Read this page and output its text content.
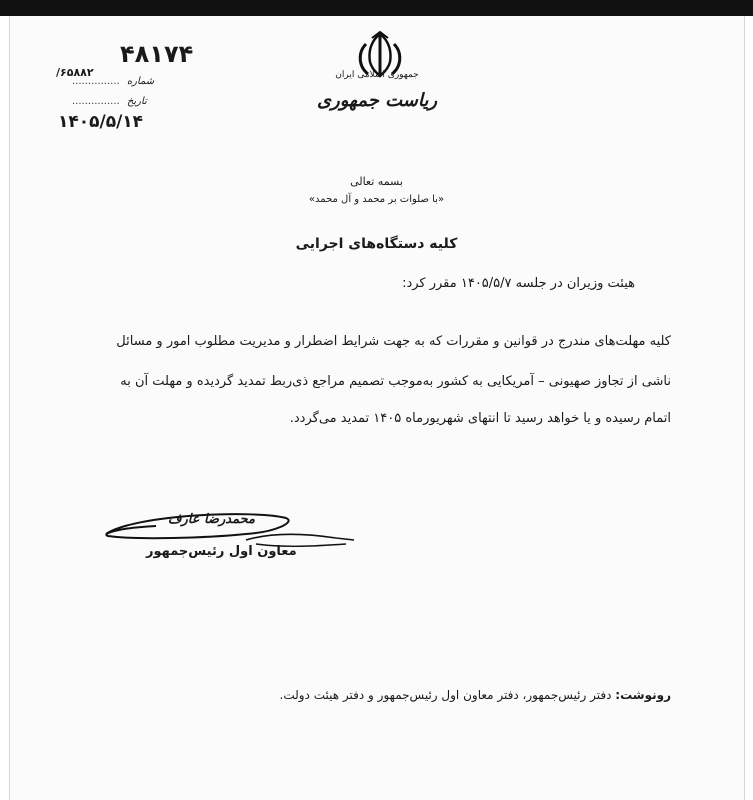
جمهوری اسلامی ایران
ریاست جمهوری
۴۸۱۷۴
۶۵۸۸۲/
شماره ...............
تاریخ ...............
۱۴۰۵/۵/۱۴
بسمه تعالی
«با صلوات بر محمد و آل محمد»
کلیه دستگاه‌های اجرایی
هیئت وزیران در جلسه ۱۴۰۵/۵/۷ مقرر کرد:
کلیه مهلت‌های مندرج در قوانین و مقررات که به جهت شرایط اضطرار و مدیریت مطلوب امور و مسائل
ناشی از تجاوز صهیونی – آمریکایی به کشور به‌موجب تصمیم مراجع ذی‌ربط تمدید گردیده و مهلت آن به
اتمام رسیده و یا خواهد رسید تا انتهای شهریورماه ۱۴۰۵ تمدید می‌گردد.
محمدرضا عارف
معاون اول رئیس‌جمهور
رونوشت: دفتر رئیس‌جمهور، دفتر معاون اول رئیس‌جمهور و دفتر هیئت دولت.
